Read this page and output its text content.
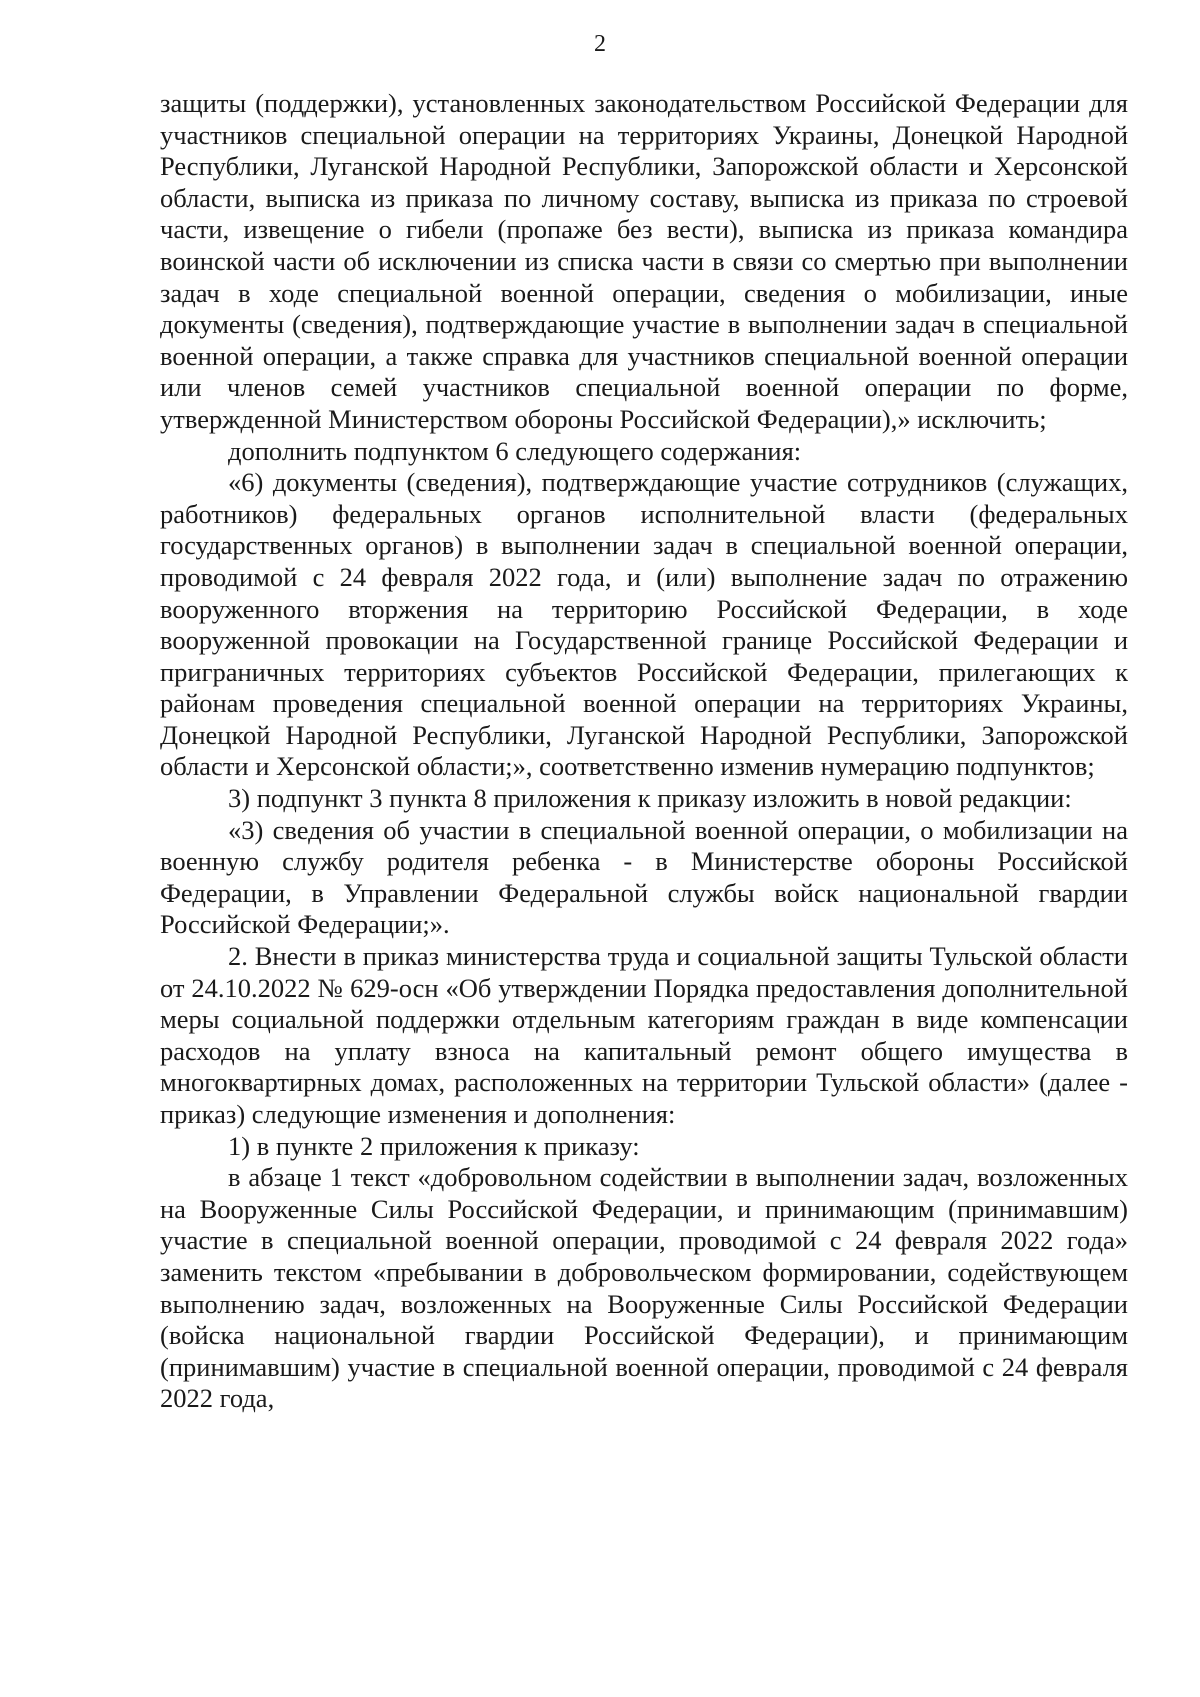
2

защиты (поддержки), установленных законодательством Российской Федерации для участников специальной операции на территориях Украины, Донецкой Народной Республики, Луганской Народной Республики, Запорожской области и Херсонской области, выписка из приказа по личному составу, выписка из приказа по строевой части, извещение о гибели (пропаже без вести), выписка из приказа командира воинской части об исключении из списка части в связи со смертью при выполнении задач в ходе специальной военной операции, сведения о мобилизации, иные документы (сведения), подтверждающие участие в выполнении задач в специальной военной операции, а также справка для участников специальной военной операции или членов семей участников специальной военной операции по форме, утвержденной Министерством обороны Российской Федерации),» исключить;

дополнить подпунктом 6 следующего содержания:

«6) документы (сведения), подтверждающие участие сотрудников (служащих, работников) федеральных органов исполнительной власти (федеральных государственных органов) в выполнении задач в специальной военной операции, проводимой с 24 февраля 2022 года, и (или) выполнение задач по отражению вооруженного вторжения на территорию Российской Федерации, в ходе вооруженной провокации на Государственной границе Российской Федерации и приграничных территориях субъектов Российской Федерации, прилегающих к районам проведения специальной военной операции на территориях Украины, Донецкой Народной Республики, Луганской Народной Республики, Запорожской области и Херсонской области;», соответственно изменив нумерацию подпунктов;

3) подпункт 3 пункта 8 приложения к приказу изложить в новой редакции:

«3) сведения об участии в специальной военной операции, о мобилизации на военную службу родителя ребенка - в Министерстве обороны Российской Федерации, в Управлении Федеральной службы войск национальной гвардии Российской Федерации;».

2. Внести в приказ министерства труда и социальной защиты Тульской области от 24.10.2022 № 629-осн «Об утверждении Порядка предоставления дополнительной меры социальной поддержки отдельным категориям граждан в виде компенсации расходов на уплату взноса на капитальный ремонт общего имущества в многоквартирных домах, расположенных на территории Тульской области» (далее - приказ) следующие изменения и дополнения:

1) в пункте 2 приложения к приказу:

в абзаце 1 текст «добровольном содействии в выполнении задач, возложенных на Вооруженные Силы Российской Федерации, и принимающим (принимавшим) участие в специальной военной операции, проводимой с 24 февраля 2022 года» заменить текстом «пребывании в добровольческом формировании, содействующем выполнению задач, возложенных на Вооруженные Силы Российской Федерации (войска национальной гвардии Российской Федерации), и принимающим (принимавшим) участие в специальной военной операции, проводимой с 24 февраля 2022 года,
